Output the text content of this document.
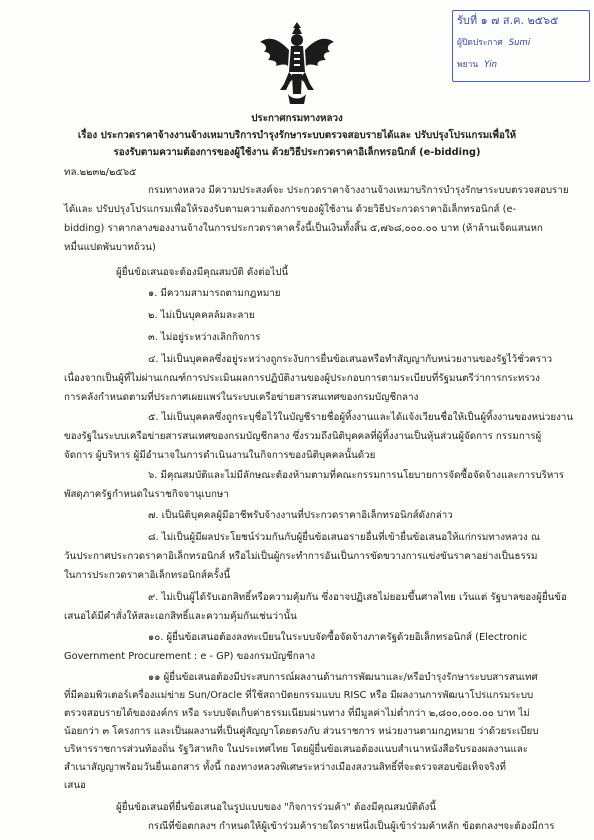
รับที่ ๑ ๗ ส.ค. ๒๕๖๕
ผู้ปิดประกาศ Sumi
พยาน Yin
ประกาศกรมทางหลวง
เรื่อง ประกวดราคาจ้างงานจ้างเหมาบริการบำรุงรักษาระบบตรวจสอบรายได้และ ปรับปรุงโปรแกรมเพื่อให้
รองรับตามความต้องการของผู้ใช้งาน ด้วยวิธีประกวดราคาอิเล็กทรอนิกส์ (e-bidding)
ทล.๒๒๓๒/๒๕๖๕
กรมทางหลวง มีความประสงค์จะ ประกวดราคาจ้างงานจ้างเหมาบริการบำรุงรักษาระบบตรวจสอบราย
ได้และ ปรับปรุงโปรแกรมเพื่อให้รองรับตามความต้องการของผู้ใช้งาน ด้วยวิธีประกวดราคาอิเล็กทรอนิกส์ (e-
bidding) ราคากลางของงานจ้างในการประกวดราคาครั้งนี้เป็นเงินทั้งสิ้น ๕,๗๖๘,๐๐๐.๐๐ บาท (ห้าล้านเจ็ดแสนหก
หมื่นแปดพันบาทถ้วน)
ผู้ยื่นข้อเสนอจะต้องมีคุณสมบัติ ดังต่อไปนี้
๑. มีความสามารถตามกฎหมาย
๒. ไม่เป็นบุคคลล้มละลาย
๓. ไม่อยู่ระหว่างเลิกกิจการ
๔. ไม่เป็นบุคคลซึ่งอยู่ระหว่างถูกระงับการยื่นข้อเสนอหรือทำสัญญากับหน่วยงานของรัฐไว้ชั่วคราว
เนื่องจากเป็นผู้ที่ไม่ผ่านเกณฑ์การประเมินผลการปฏิบัติงานของผู้ประกอบการตามระเบียบที่รัฐมนตรีว่าการกระทรวง
การคลังกำหนดตามที่ประกาศเผยแพร่ในระบบเครือข่ายสารสนเทศของกรมบัญชีกลาง
๕. ไม่เป็นบุคคลซึ่งถูกระบุชื่อไว้ในบัญชีรายชื่อผู้ทิ้งงานและได้แจ้งเวียนชื่อให้เป็นผู้ทิ้งงานของหน่วยงาน
ของรัฐในระบบเครือข่ายสารสนเทศของกรมบัญชีกลาง ซึ่งรวมถึงนิติบุคคลที่ผู้ทิ้งงานเป็นหุ้นส่วนผู้จัดการ กรรมการผู้
จัดการ ผู้บริหาร ผู้มีอำนาจในการดำเนินงานในกิจการของนิติบุคคลนั้นด้วย
๖. มีคุณสมบัติและไม่มีลักษณะต้องห้ามตามที่คณะกรรมการนโยบายการจัดซื้อจัดจ้างและการบริหาร
พัสดุภาครัฐกำหนดในราชกิจจานุเบกษา
๗. เป็นนิติบุคคลผู้มีอาชีพรับจ้างงานที่ประกวดราคาอิเล็กทรอนิกส์ดังกล่าว
๘. ไม่เป็นผู้มีผลประโยชน์ร่วมกันกับผู้ยื่นข้อเสนอรายอื่นที่เข้ายื่นข้อเสนอให้แก่กรมทางหลวง ณ
วันประกาศประกวดราคาอิเล็กทรอนิกส์ หรือไม่เป็นผู้กระทำการอันเป็นการขัดขวางการแข่งขันราคาอย่างเป็นธรรม
ในการประกวดราคาอิเล็กทรอนิกส์ครั้งนี้
๙. ไม่เป็นผู้ได้รับเอกสิทธิ์หรือความคุ้มกัน ซึ่งอาจปฏิเสธไม่ยอมขึ้นศาลไทย เว้นแต่ รัฐบาลของผู้ยื่นข้อ
เสนอได้มีคำสั่งให้สละเอกสิทธิ์และความคุ้มกันเช่นว่านั้น
๑๐. ผู้ยื่นข้อเสนอต้องลงทะเบียนในระบบจัดซื้อจัดจ้างภาครัฐด้วยอิเล็กทรอนิกส์ (Electronic
Government Procurement : e - GP) ของกรมบัญชีกลาง
๑๑ ผู้ยื่นข้อเสนอต้องมีประสบการณ์ผลงานด้านการพัฒนาและ/หรือบำรุงรักษาระบบสารสนเทศ
ที่มีคอมพิวเตอร์เครื่องแม่ข่าย Sun/Oracle ที่ใช้สถาปัตยกรรมแบบ RISC หรือ มีผลงานการพัฒนาโปรแกรมระบบ
ตรวจสอบรายได้ขององค์กร หรือ ระบบจัดเก็บค่าธรรมเนียมผ่านทาง ที่มีมูลค่าไม่ต่ำกว่า ๒,๘๐๐,๐๐๐.๐๐ บาท ไม่
น้อยกว่า ๓ โครงการ และเป็นผลงานที่เป็นคู่สัญญาโดยตรงกับ ส่วนราชการ หน่วยงานตามกฎหมาย ว่าด้วยระเบียบ
บริหารราชการส่วนท้องถิ่น รัฐวิสาหกิจ ในประเทศไทย โดยผู้ยื่นข้อเสนอต้องแนบสำเนาหนังสือรับรองผลงานและ
สำเนาสัญญาพร้อมวันยื่นเอกสาร ทั้งนี้ กองทางหลวงพิเศษระหว่างเมืองสงวนสิทธิ์ที่จะตรวจสอบข้อเท็จจริงที่
เสนอ
ผู้ยื่นข้อเสนอที่ยื่นข้อเสนอในรูปแบบของ "กิจการร่วมค้า" ต้องมีคุณสมบัติดังนี้
กรณีที่ข้อตกลงฯ กำหนดให้ผู้เข้าร่วมค้ารายใดรายหนึ่งเป็นผู้เข้าร่วมค้าหลัก ข้อตกลงฯจะต้องมีการ
